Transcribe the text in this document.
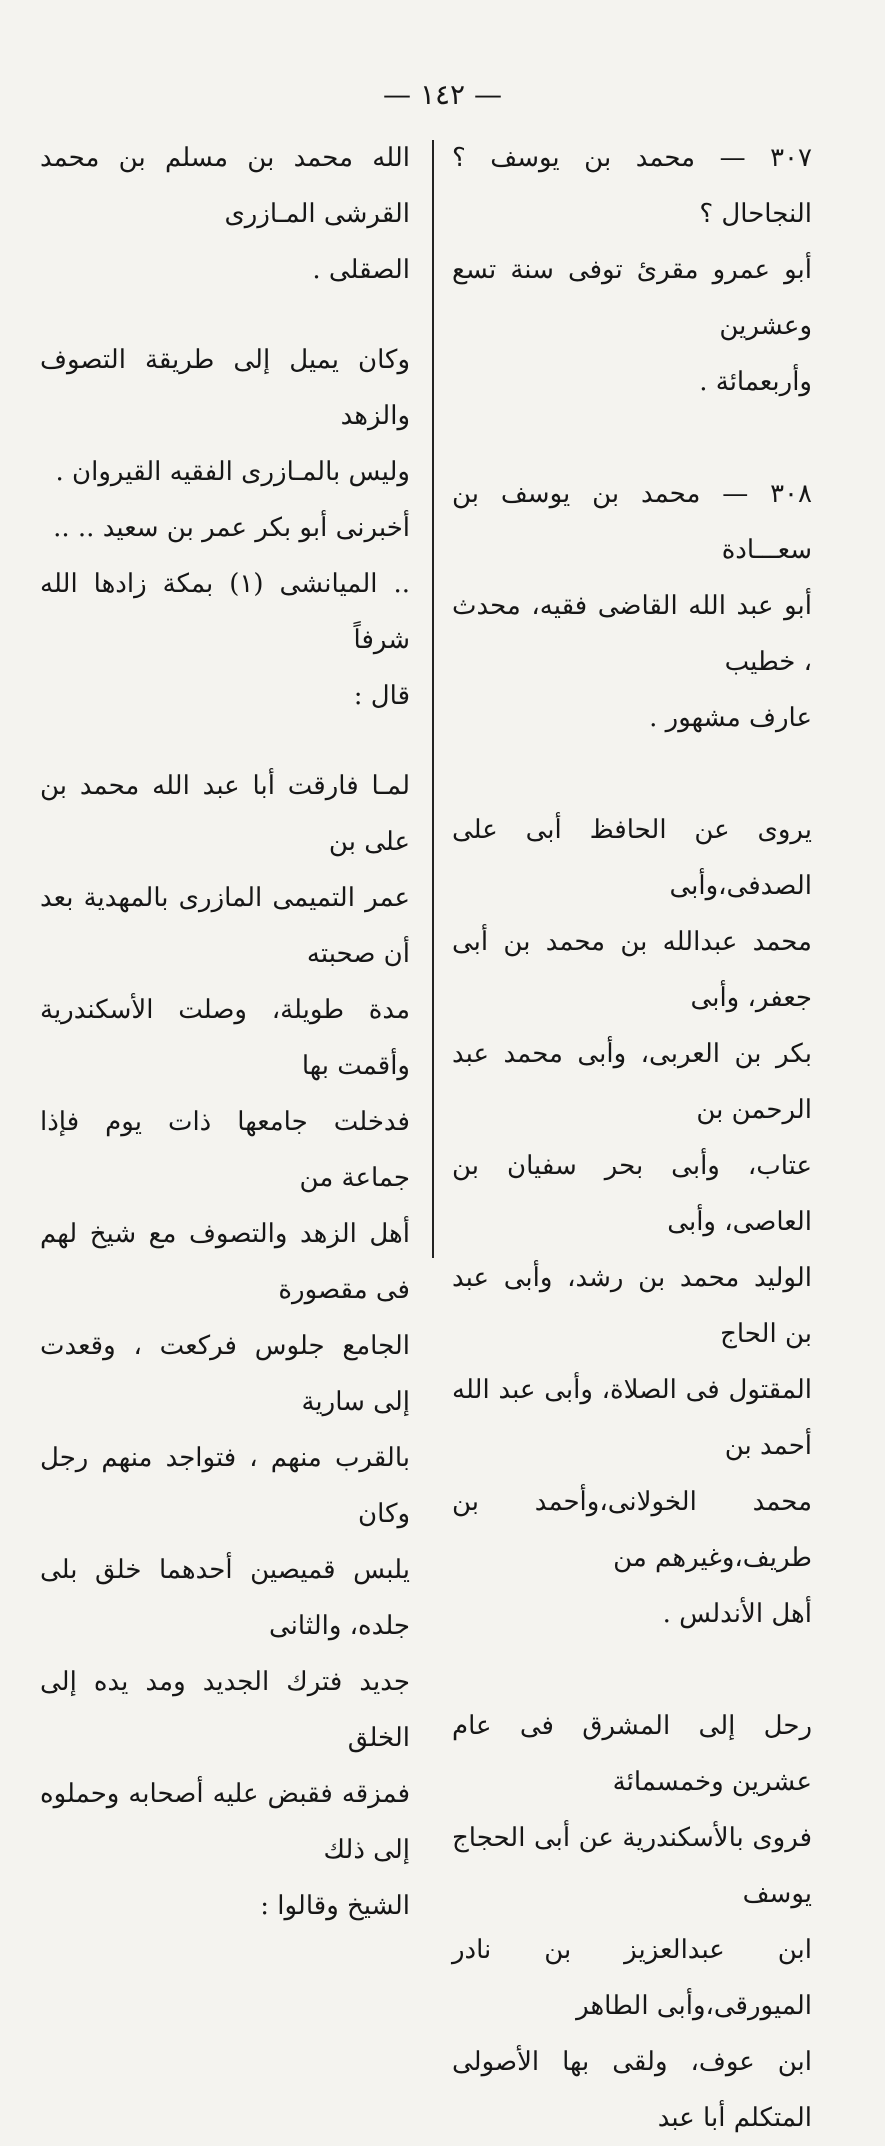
— ١٤٢ —
٣٠٧ — محمد بن يوسف ؟ النجاحال ؟
أبو عمرو مقرئ توفى سنة تسع وعشرين
وأربعمائة .
٣٠٨ — محمد بن يوسف بن سعـــادة
أبو عبد الله القاضى فقيه، محدث ، خطيب
عارف مشهور .
يروى عن الحافظ أبى على الصدفى،وأبى
محمد عبدالله بن محمد بن أبى جعفر، وأبى
بكر بن العربى، وأبى محمد عبد الرحمن بن
عتاب، وأبى بحر سفيان بن العاصى، وأبى
الوليد محمد بن رشد، وأبى عبد بن الحاج
المقتول فى الصلاة، وأبى عبد الله أحمد بن
محمد الخولانى،وأحمد بن طريف،وغيرهم من
أهل الأندلس .
رحل إلى المشرق فى عام عشرين وخمسمائة
فروى بالأسكندرية عن أبى الحجاج يوسف
ابن عبدالعزيز بن نادر الميورقى،وأبى الطاهر
ابن عوف، ولقى بها الأصولى المتكلم أبا عبد
الله محمد بن مسلم بن محمد القرشى المـازرى
الصقلى .
وكان يميل إلى طريقة التصوف والزهد
وليس بالمـازرى الفقيه القيروان .
أخبرنى أبو بكر عمر بن سعيد .. ..
.. الميانشى (١) بمكة زادها الله شرفاً
قال :
لمـا فارقت أبا عبد الله محمد بن على بن
عمر التميمى المازرى بالمهدية بعد أن صحبته
مدة طويلة، وصلت الأسكندرية وأقمت بها
فدخلت جامعها ذات يوم فإذا جماعة من
أهل الزهد والتصوف مع شيخ لهم فى مقصورة
الجامع جلوس فركعت ، وقعدت إلى سارية
بالقرب منهم ، فتواجد منهم رجل وكان
يلبس قميصين أحدهما خلق بلى جلده، والثانى
جديد فترك الجديد ومد يده إلى الخلق
فمزقه فقبض عليه أصحابه وحملوه إلى ذلك
الشيخ وقالوا :
